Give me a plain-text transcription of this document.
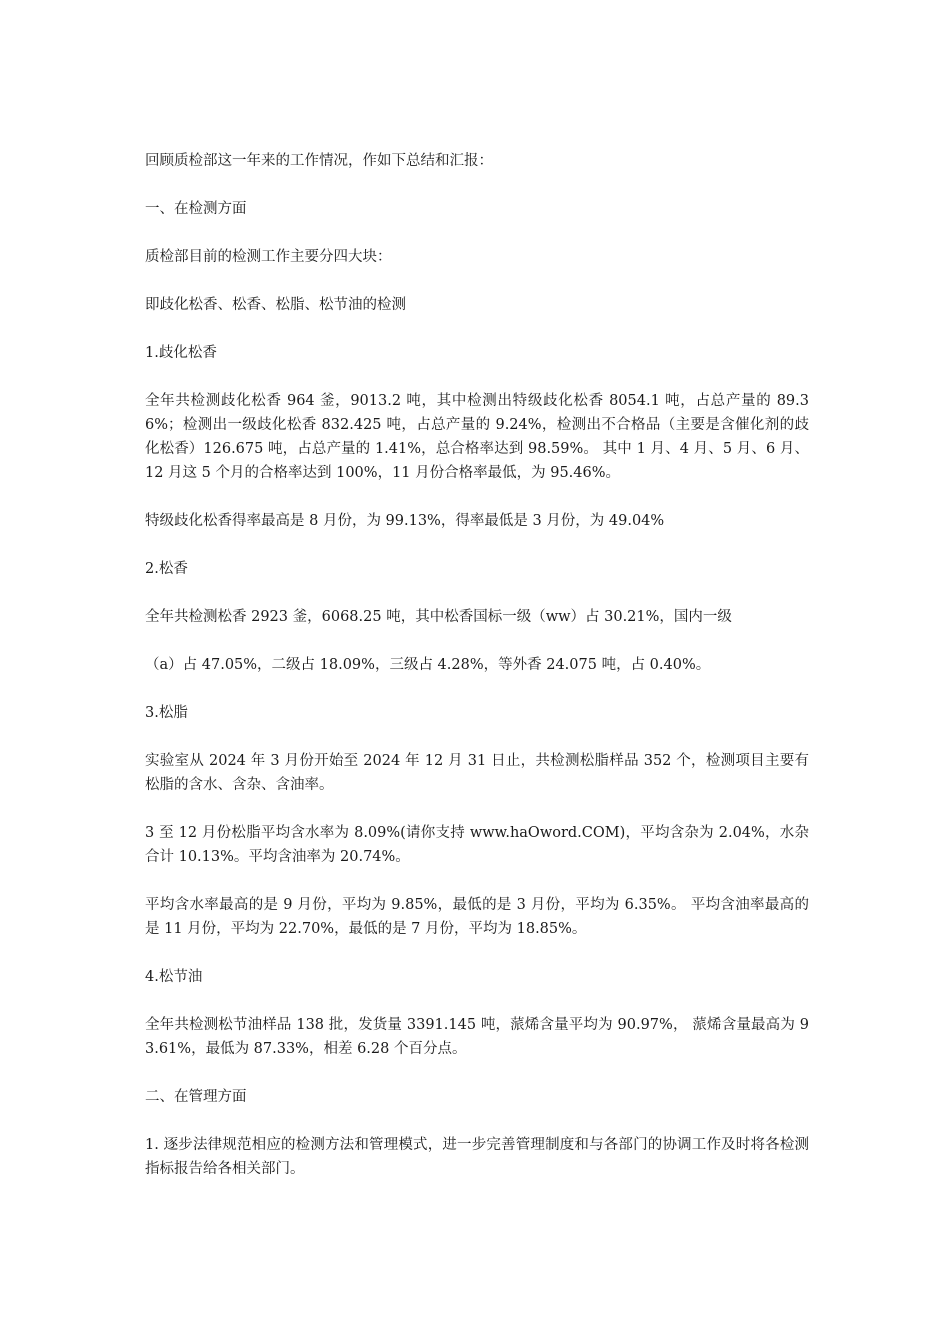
回顾质检部这一年来的工作情况，作如下总结和汇报：

一、在检测方面

质检部目前的检测工作主要分四大块：

即歧化松香、松香、松脂、松节油的检测

1.歧化松香

全年共检测歧化松香 964 釜，9013.2 吨，其中检测出特级歧化松香 8054.1 吨，占总产量的 89.36%；检测出一级歧化松香 832.425 吨，占总产量的 9.24%，检测出不合格品（主要是含催化剂的歧化松香）126.675 吨，占总产量的 1.41%，总合格率达到 98.59%。 其中 1 月、4 月、5 月、6 月、12 月这 5 个月的合格率达到 100%，11 月份合格率最低，为 95.46%。

特级歧化松香得率最高是 8 月份，为 99.13%，得率最低是 3 月份，为 49.04%

2.松香

全年共检测松香 2923 釜，6068.25 吨，其中松香国标一级（ww）占 30.21%，国内一级

（a）占 47.05%，二级占 18.09%，三级占 4.28%，等外香 24.075 吨，占 0.40%。

3.松脂

实验室从 2024 年 3 月份开始至 2024 年 12 月 31 日止，共检测松脂样品 352 个，检测项目主要有松脂的含水、含杂、含油率。

3 至 12 月份松脂平均含水率为 8.09%(请你支持 www.haOword.COM)，平均含杂为 2.04%，水杂合计 10.13%。平均含油率为 20.74%。

平均含水率最高的是 9 月份，平均为 9.85%，最低的是 3 月份，平均为 6.35%。 平均含油率最高的是 11 月份，平均为 22.70%，最低的是 7 月份，平均为 18.85%。

4.松节油

全年共检测松节油样品 138 批，发货量 3391.145 吨，蒎烯含量平均为 90.97%， 蒎烯含量最高为 93.61%，最低为 87.33%，相差 6.28 个百分点。

二、在管理方面

1. 逐步法律规范相应的检测方法和管理模式，进一步完善管理制度和与各部门的协调工作及时将各检测指标报告给各相关部门。
